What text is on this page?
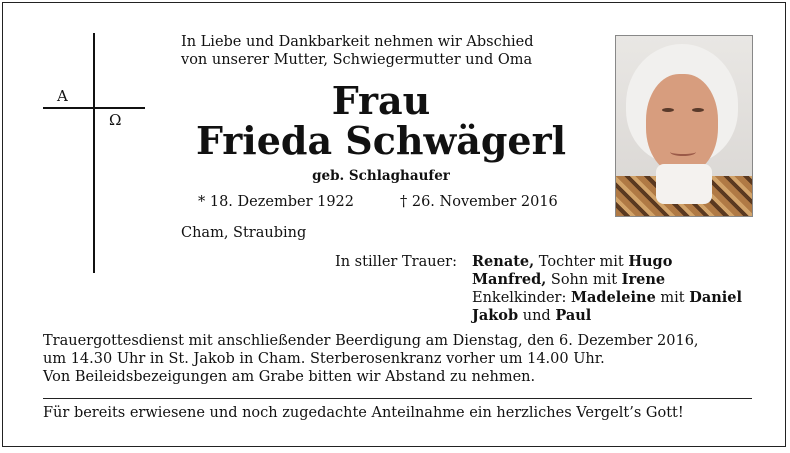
A
Ω
In Liebe und Dankbarkeit nehmen wir Abschied
von unserer Mutter, Schwiegermutter und Oma
Frau
Frieda Schwägerl
geb. Schlaghaufer
* 18. Dezember 1922	† 26. November 2016
Cham, Straubing
In stiller Trauer: Renate, Tochter mit Hugo
Manfred, Sohn mit Irene
Enkelkinder: Madeleine mit Daniel
Jakob und Paul
Trauergottesdienst mit anschließender Beerdigung am Dienstag, den 6. Dezember 2016,
um 14.30 Uhr in St. Jakob in Cham. Sterberosenkranz vorher um 14.00 Uhr.
Von Beileidsbezeigungen am Grabe bitten wir Abstand zu nehmen.
Für bereits erwiesene und noch zugedachte Anteilnahme ein herzliches Vergelt’s Gott!
